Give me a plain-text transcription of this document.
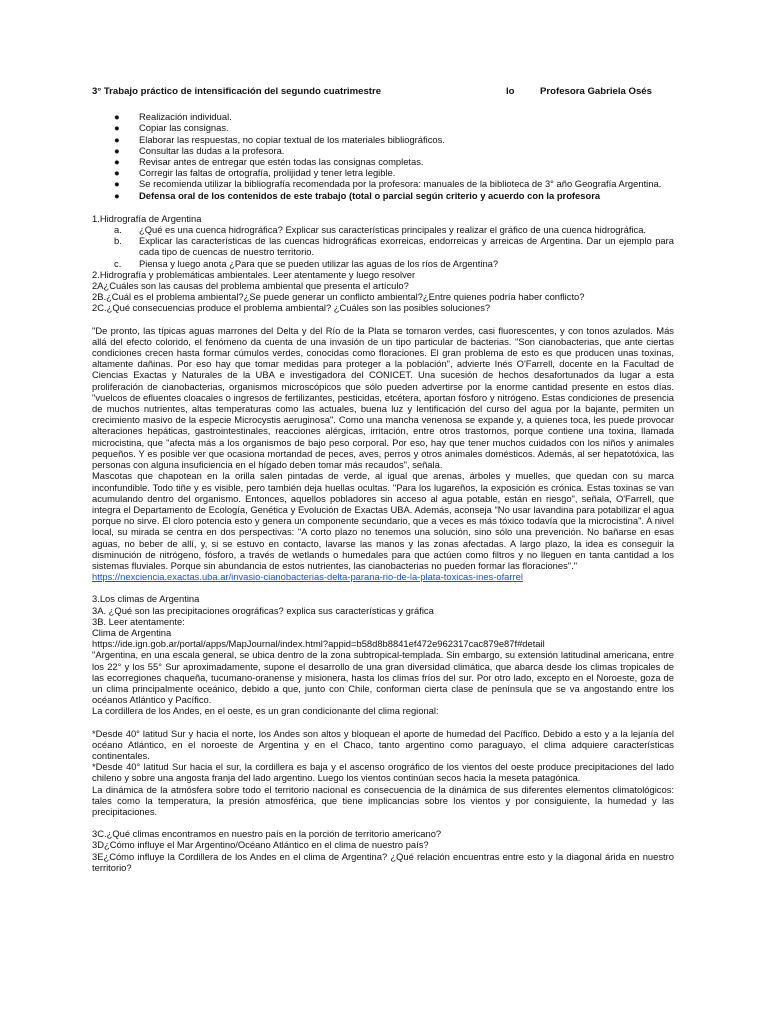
3° Trabajo práctico de intensificación del segundo cuatrimestre	lo	Profesora Gabriela Osés
●	Realización individual.
●	Copiar las consignas.
●	Elaborar las respuestas, no copiar textual de los materiales bibliográficos.
●	Consultar las dudas a la profesora.
●	Revisar antes de entregar que estén todas las consignas completas.
●	Corregir las faltas de ortografía, prolijidad y tener letra legible.
●	Se recomienda utilizar la bibliografía recomendada por la profesora: manuales de la biblioteca de 3° año Geografía Argentina.
●	Defensa oral de los contenidos de este trabajo (total o parcial según criterio y acuerdo con la profesora

1.Hidrografía de Argentina

a.	¿Qué es una cuenca hidrográfica? Explicar sus características principales y realizar el gráfico de una cuenca hidrográfica.
b.	Explicar las características de las cuencas hidrográficas exorreicas, endorreicas y arreicas de Argentina. Dar un ejemplo para cada tipo de cuencas de nuestro territorio.
c.	Piensa y luego anota ¿Para que se pueden utilizar las aguas de los ríos de Argentina?

2.Hidrografía y problemáticas ambientales. Leer atentamente y luego resolver

2A¿Cuáles son las causas del problema ambiental que presenta el artículo?

2B.¿Cuál es el problema ambiental?¿Se puede generar un conflicto ambiental?¿Entre quienes podría haber conflicto?

2C.¿Qué consecuencias produce el problema ambiental? ¿Cuáles son las posibles soluciones?

"De pronto, las típicas aguas marrones del Delta y del Río de la Plata se tornaron verdes, casi fluorescentes, y con tonos azulados. Más allá del efecto colorido, el fenómeno da cuenta de una invasión de un tipo particular de bacterias. "Son cianobacterias, que ante ciertas condiciones crecen hasta formar cúmulos verdes, conocidas como floraciones. El gran problema de esto es que producen unas toxinas, altamente dañinas. Por eso hay que tomar medidas para proteger a la población", advierte Inés O'Farrell, docente en la Facultad de Ciencias Exactas y Naturales de la UBA e investigadora del CONICET. Una sucesión de hechos desafortunados da lugar a esta proliferación de cianobacterias, organismos microscópicos que sólo pueden advertirse por la enorme cantidad presente en estos días. "vuelcos de efluentes cloacales o ingresos de fertilizantes, pesticidas, etcétera, aportan fósforo y nitrógeno. Estas condiciones de presencia de muchos nutrientes, altas temperaturas como las actuales, buena luz y lentificación del curso del agua por la bajante, permiten un crecimiento masivo de la especie Microcystis aeruginosa". Como una mancha venenosa se expande y, a quienes toca, les puede provocar alteraciones hepáticas, gastrointestinales, reacciones alérgicas, irritación, entre otros trastornos, porque contiene una toxina, llamada microcistina, que "afecta más a los organismos de bajo peso corporal. Por eso, hay que tener muchos cuidados con los niños y animales pequeños. Y es posible ver que ocasiona mortandad de peces, aves, perros y otros animales domésticos. Además, al ser hepatotóxica, las personas con alguna insuficiencia en el hígado deben tomar más recaudos", señala.

Mascotas que chapotean en la orilla salen pintadas de verde, al igual que arenas, árboles y muelles, que quedan con su marca inconfundible. Todo tiñe y es visible, pero también deja huellas ocultas. "Para los lugareños, la exposición es crónica. Estas toxinas se van acumulando dentro del organismo. Entonces, aquellos pobladores sin acceso al agua potable, están en riesgo", señala, O'Farrell, que integra el Departamento de Ecología, Genética y Evolución de Exactas UBA. Además, aconseja "No usar lavandina para potabilizar el agua porque no sirve. El cloro potencia esto y genera un componente secundario, que a veces es más tóxico todavía que la microcistina". A nivel local, su mirada se centra en dos perspectivas: "A corto plazo no tenemos una solución, sino sólo una prevención. No bañarse en esas aguas, no beber de allí, y, si se estuvo en contacto, lavarse las manos y las zonas afectadas. A largo plazo, la idea es conseguir la disminución de nitrógeno, fósforo, a través de wetlands o humedales para que actúen como filtros y no lleguen en tanta cantidad a los sistemas fluviales. Porque sin abundancia de estos nutrientes, las cianobacterias no pueden formar las floraciones"."

https://nexciencia.exactas.uba.ar/invasio-cianobacterias-delta-parana-rio-de-la-plata-toxicas-ines-ofarrel

3.Los climas de Argentina

3A. ¿Qué son las precipitaciones orográficas? explica sus características y gráfica

3B. Leer atentamente:

Clima de Argentina

https://ide.ign.gob.ar/portal/apps/MapJournal/index.html?appid=b58d8b8841ef472e962317cac879e87f#detail

"Argentina, en una escala general, se ubica dentro de la zona subtropical-templada. Sin embargo, su extensión latitudinal americana, entre los 22° y los 55° Sur aproximadamente, supone el desarrollo de una gran diversidad climática, que abarca desde los climas tropicales de las ecorregiones chaqueña, tucumano-oranense y misionera, hasta los climas fríos del sur. Por otro lado, excepto en el Noroeste, goza de un clima principalmente oceánico, debido a que, junto con Chile, conforman cierta clase de península que se va angostando entre los océanos Atlántico y Pacífico.

La cordillera de los Andes, en el oeste, es un gran condicionante del clima regional:

*Desde 40° latitud Sur y hacia el norte, los Andes son altos y bloquean el aporte de humedad del Pacífico. Debido a esto y a la lejanía del océano Atlántico, en el noroeste de Argentina y en el Chaco, tanto argentino como paraguayo, el clima adquiere características continentales.

*Desde 40° latitud Sur hacia el sur, la cordillera es baja y el ascenso orográfico de los vientos del oeste produce precipitaciones del lado chileno y sobre una angosta franja del lado argentino. Luego los vientos continúan secos hacia la meseta patagónica.

La dinámica de la atmósfera sobre todo el territorio nacional es consecuencia de la dinámica de sus diferentes elementos climatológicos: tales como la temperatura, la presión atmosférica, que tiene implicancias sobre los vientos y por consiguiente, la humedad y las precipitaciones.

3C.¿Qué climas encontramos en nuestro país en la porción de territorio americano?

3D¿Cómo influye el Mar Argentino/Océano Atlántico en el clima de nuestro país?

3E¿Cómo influye la Cordillera de los Andes en el clima de Argentina? ¿Qué relación encuentras entre esto y la diagonal árida en nuestro territorio?
